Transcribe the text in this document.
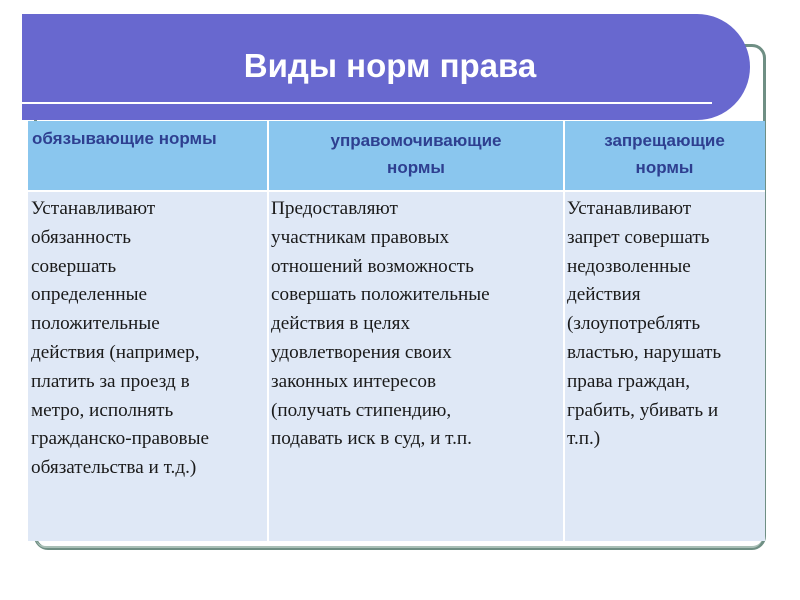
Виды норм права
обязывающие нормы	управомочивающие
нормы
запрещающие
нормы
Устанавливают
обязанность
совершать
определенные
положительные
действия (например,
платить за проезд в
метро, исполнять
гражданско-правовые
обязательства и т.д.)
Предоставляют
участникам правовых
отношений возможность
совершать положительные
действия в целях
удовлетворения своих
законных интересов
(получать стипендию,
подавать иск в суд, и т.п.
Устанавливают
запрет совершать
недозволенные
действия
(злоупотреблять
властью, нарушать
права граждан,
грабить, убивать и
т.п.)
